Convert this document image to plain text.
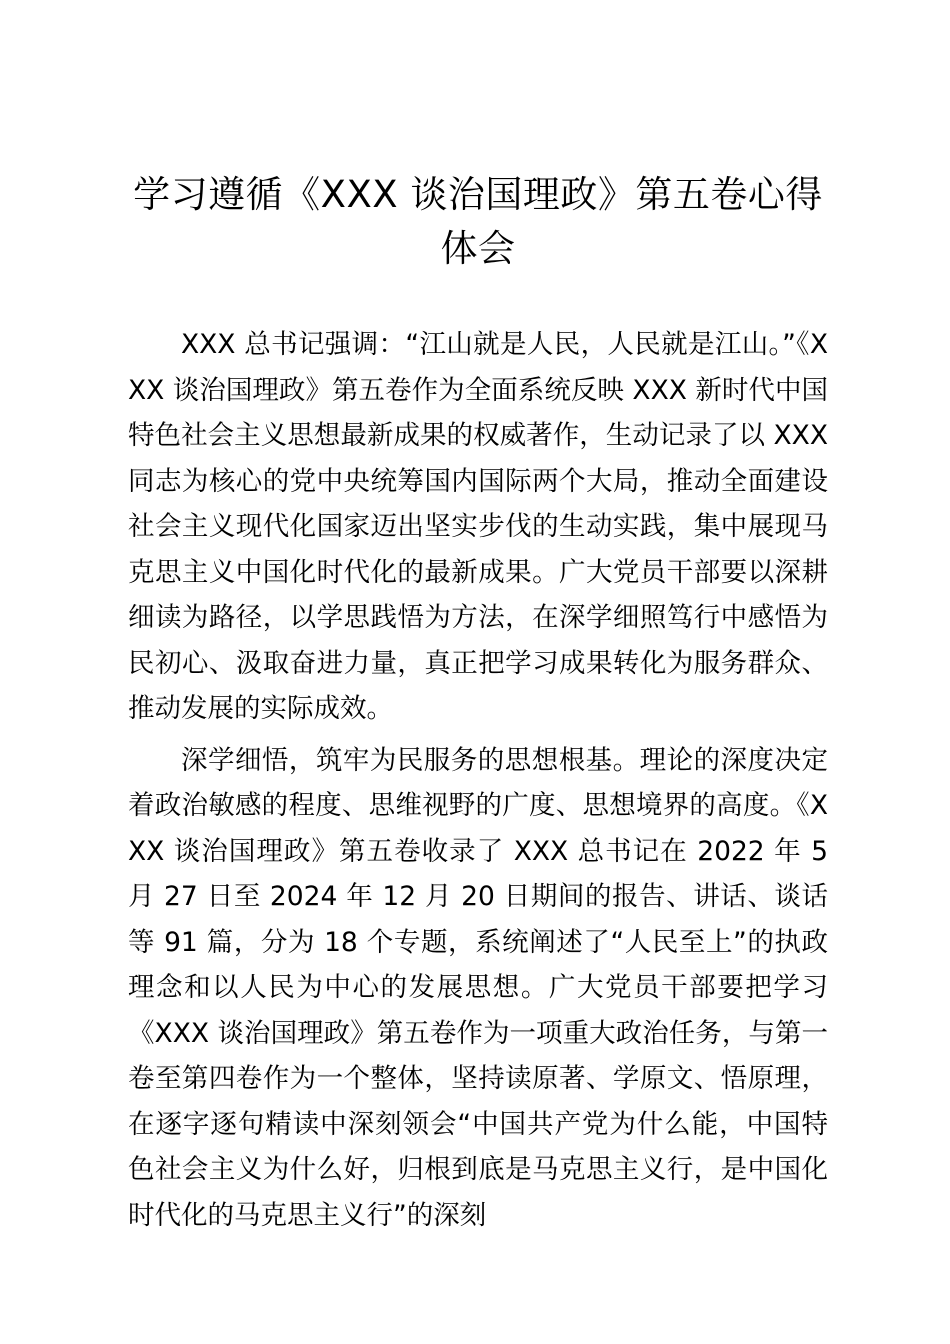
学习遵循《XXX 谈治国理政》第五卷心得体会

XXX 总书记强调：“江山就是人民，人民就是江山。”《XXX 谈治国理政》第五卷作为全面系统反映 XXX 新时代中国特色社会主义思想最新成果的权威著作，生动记录了以 XXX 同志为核心的党中央统筹国内国际两个大局，推动全面建设社会主义现代化国家迈出坚实步伐的生动实践，集中展现马克思主义中国化时代化的最新成果。广大党员干部要以深耕细读为路径，以学思践悟为方法，在深学细照笃行中感悟为民初心、汲取奋进力量，真正把学习成果转化为服务群众、推动发展的实际成效。

深学细悟，筑牢为民服务的思想根基。理论的深度决定着政治敏感的程度、思维视野的广度、思想境界的高度。《XXX 谈治国理政》第五卷收录了 XXX 总书记在 2022 年 5 月 27 日至 2024 年 12 月 20 日期间的报告、讲话、谈话等 91 篇，分为 18 个专题，系统阐述了“人民至上”的执政理念和以人民为中心的发展思想。广大党员干部要把学习《XXX 谈治国理政》第五卷作为一项重大政治任务，与第一卷至第四卷作为一个整体，坚持读原著、学原文、悟原理，在逐字逐句精读中深刻领会“中国共产党为什么能，中国特色社会主义为什么好，归根到底是马克思主义行，是中国化时代化的马克思主义行”的深刻
